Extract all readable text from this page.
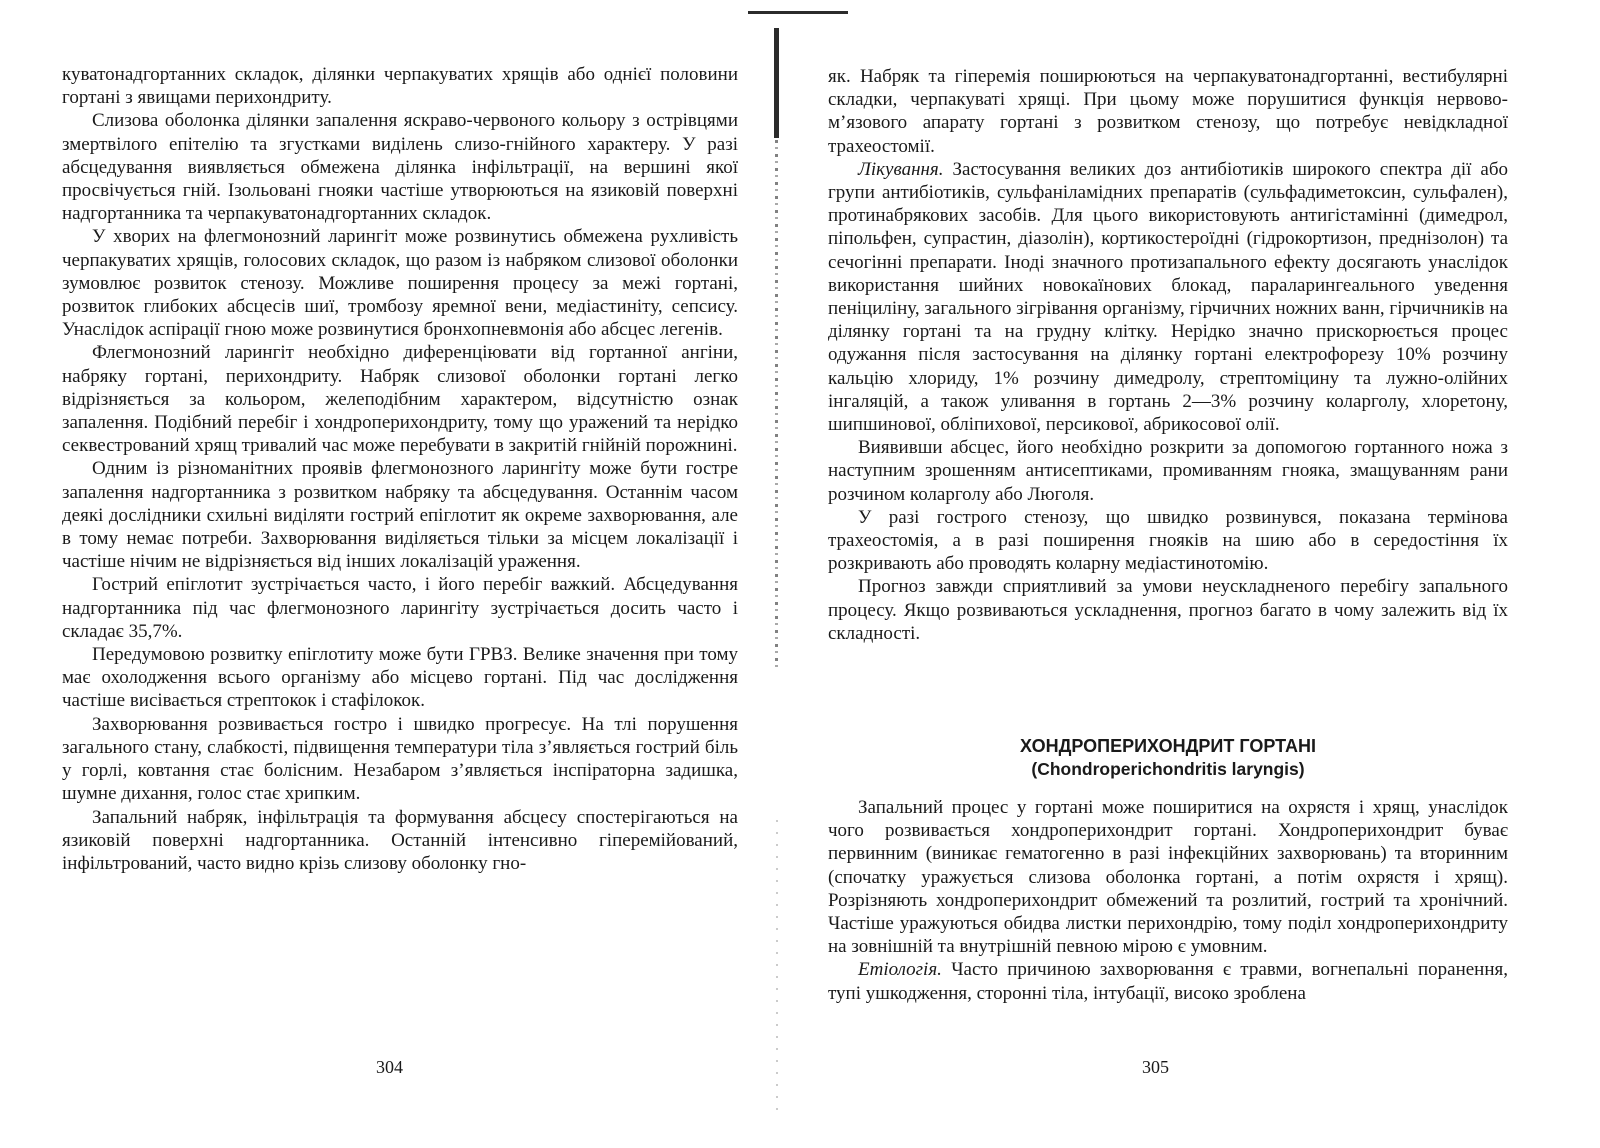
куватонадгортанних складок, ділянки черпакуватих хрящів або однієї половини гортані з явищами перихондриту.

Слизова оболонка ділянки запалення яскраво-червоного кольору з острівцями змертвілого епітелію та згустками виділень слизо-гнійного характеру. У разі абсцедування виявляється обмежена ділянка інфільтрації, на вершині якої просвічується гній. Ізольовані гнояки частіше утворюються на язиковій поверхні надгортанника та черпакуватонадгортанних складок.

У хворих на флегмонозний ларингіт може розвинутись обмежена рухливість черпакуватих хрящів, голосових складок, що разом із набряком слизової оболонки зумовлює розвиток стенозу. Можливе поширення процесу за межі гортані, розвиток глибоких абсцесів шиї, тромбозу яремної вени, медіастиніту, сепсису. Унаслідок аспірації гною може розвинутися бронхопневмонія або абсцес легенів.

Флегмонозний ларингіт необхідно диференціювати від гортанної ангіни, набряку гортані, перихондриту. Набряк слизової оболонки гортані легко відрізняється за кольором, желеподібним характером, відсутністю ознак запалення. Подібний перебіг і хондроперихондриту, тому що уражений та нерідко секвестрований хрящ тривалий час може перебувати в закритій гнійній порожнині.

Одним із різноманітних проявів флегмонозного ларингіту може бути гостре запалення надгортанника з розвитком набряку та абсцедування. Останнім часом деякі дослідники схильні виділяти гострий епіглотит як окреме захворювання, але в тому немає потреби. Захворювання виділяється тільки за місцем локалізації і частіше нічим не відрізняється від інших локалізацій ураження.

Гострий епіглотит зустрічається часто, і його перебіг важкий. Абсцедування надгортанника під час флегмонозного ларингіту зустрічається досить часто і складає 35,7%.

Передумовою розвитку епіглотиту може бути ГРВЗ. Велике значення при тому має охолодження всього організму або місцево гортані. Під час дослідження частіше висівається стрептокок і стафілокок.

Захворювання розвивається гостро і швидко прогресує. На тлі порушення загального стану, слабкості, підвищення температури тіла з’являється гострий біль у горлі, ковтання стає болісним. Незабаром з’являється інспіраторна задишка, шумне дихання, голос стає хрипким.

Запальний набряк, інфільтрація та формування абсцесу спостерігаються на язиковій поверхні надгортанника. Останній інтенсивно гіперемійований, інфільтрований, часто видно крізь слизову оболонку гно-

304

як. Набряк та гіперемія поширюються на черпакуватонадгортанні, вестибулярні складки, черпакуваті хрящі. При цьому може порушитися функція нервово-м’язового апарату гортані з розвитком стенозу, що потребує невідкладної трахеостомії.

Лікування. Застосування великих доз антибіотиків широкого спектра дії або групи антибіотиків, сульфаніламідних препаратів (сульфадиметоксин, сульфален), протинабрякових засобів. Для цього використовують антигістамінні (димедрол, піпольфен, супрастин, діазолін), кортикостероїдні (гідрокортизон, преднізолон) та сечогінні препарати. Іноді значного протизапального ефекту досягають унаслідок використання шийних новокаїнових блокад, параларингеального уведення пеніциліну, загального зігрівання організму, гірчичних ножних ванн, гірчичників на ділянку гортані та на грудну клітку. Нерідко значно прискорюється процес одужання після застосування на ділянку гортані електрофорезу 10% розчину кальцію хлориду, 1% розчину димедролу, стрептоміцину та лужно-олійних інгаляцій, а також уливання в гортань 2—3% розчину коларголу, хлоретону, шипшинової, обліпихової, персикової, абрикосової олії.

Виявивши абсцес, його необхідно розкрити за допомогою гортанного ножа з наступним зрошенням антисептиками, промиванням гнояка, змащуванням рани розчином коларголу або Люголя.

У разі гострого стенозу, що швидко розвинувся, показана термінова трахеостомія, а в разі поширення гнояків на шию або в середостіння їх розкривають або проводять коларну медіастинотомію.

Прогноз завжди сприятливий за умови неускладненого перебігу запального процесу. Якщо розвиваються ускладнення, прогноз багато в чому залежить від їх складності.

ХОНДРОПЕРИХОНДРИТ ГОРТАНІ
(Chondroperichondritis laryngis)

Запальний процес у гортані може поширитися на охрястя і хрящ, унаслідок чого розвивається хондроперихондрит гортані. Хондроперихондрит буває первинним (виникає гематогенно в разі інфекційних захворювань) та вторинним (спочатку уражується слизова оболонка гортані, а потім охрястя і хрящ). Розрізняють хондроперихондрит обмежений та розлитий, гострий та хронічний. Частіше уражуються обидва листки перихондрію, тому поділ хондроперихондриту на зовнішній та внутрішній певною мірою є умовним.

Етіологія. Часто причиною захворювання є травми, вогнепальні поранення, тупі ушкодження, сторонні тіла, інтубації, високо зроблена

305
